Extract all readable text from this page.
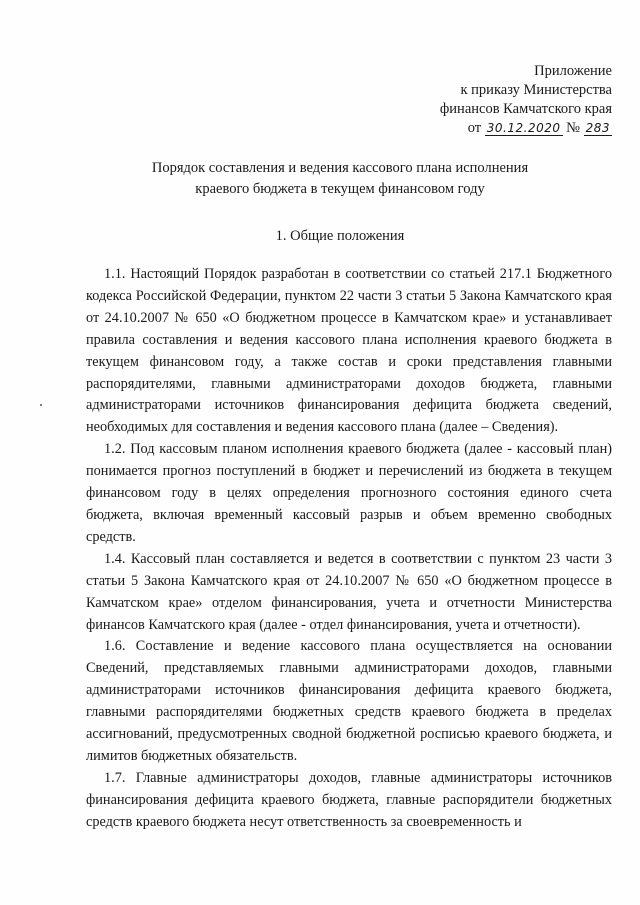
Приложение
к приказу Министерства
финансов Камчатского края
от 30.12.2020 № 283
Порядок составления и ведения кассового плана исполнения
краевого бюджета в текущем финансовом году
1. Общие положения

1.1. Настоящий Порядок разработан в соответствии со статьей 217.1 Бюджетного кодекса Российской Федерации, пунктом 22 части 3 статьи 5 Закона Камчатского края от 24.10.2007 № 650 «О бюджетном процессе в Камчатском крае» и устанавливает правила составления и ведения кассового плана исполнения краевого бюджета в текущем финансовом году, а также состав и сроки представления главными распорядителями, главными администраторами доходов бюджета, главными администраторами источников финансирования дефицита бюджета сведений, необходимых для составления и ведения кассового плана (далее – Сведения).

1.2. Под кассовым планом исполнения краевого бюджета (далее - кассовый план) понимается прогноз поступлений в бюджет и перечислений из бюджета в текущем финансовом году в целях определения прогнозного состояния единого счета бюджета, включая временный кассовый разрыв и объем временно свободных средств.

1.4. Кассовый план составляется и ведется в соответствии с пунктом 23 части 3 статьи 5 Закона Камчатского края от 24.10.2007 № 650 «О бюджетном процессе в Камчатском крае» отделом финансирования, учета и отчетности Министерства финансов Камчатского края (далее - отдел финансирования, учета и отчетности).

1.6. Составление и ведение кассового плана осуществляется на основании Сведений, представляемых главными администраторами доходов, главными администраторами источников финансирования дефицита краевого бюджета, главными распорядителями бюджетных средств краевого бюджета в пределах ассигнований, предусмотренных сводной бюджетной росписью краевого бюджета, и лимитов бюджетных обязательств.

1.7. Главные администраторы доходов, главные администраторы источников финансирования дефицита краевого бюджета, главные распорядители бюджетных средств краевого бюджета несут ответственность за своевременность и
